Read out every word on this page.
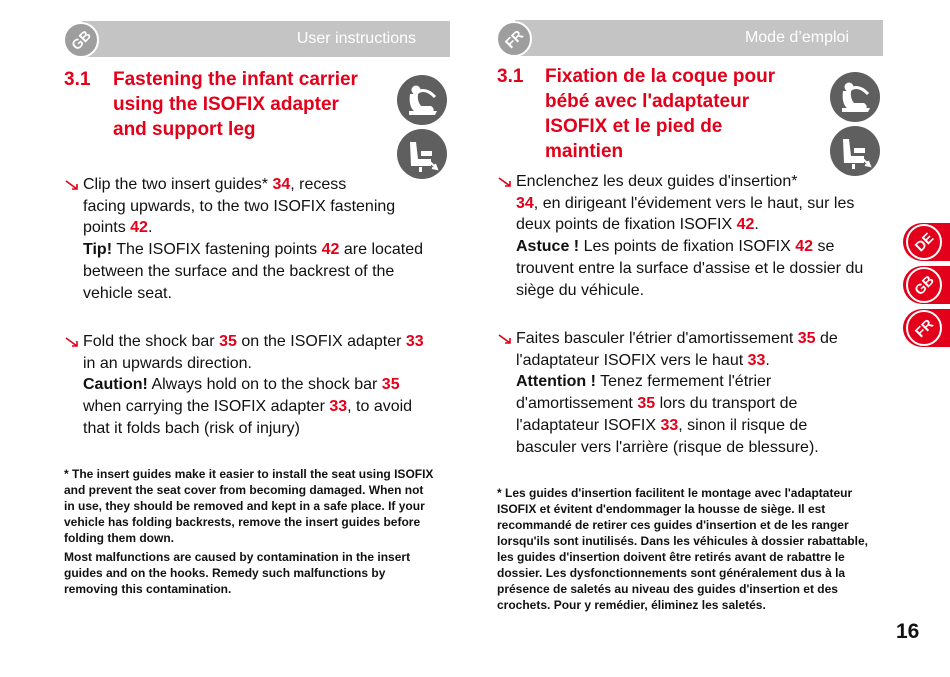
User instructions
GB
3.1 Fastening the infant carrier
using the ISOFIX adapter
and support leg
Clip the two insert guides* 34, recess
facing upwards, to the two ISOFIX fastening
points 42.
Tip! The ISOFIX fastening points 42 are located
between the surface and the backrest of the
vehicle seat.
Fold the shock bar 35 on the ISOFIX adapter 33
in an upwards direction.
Caution! Always hold on to the shock bar 35
when carrying the ISOFIX adapter 33, to avoid
that it folds bach (risk of injury)

* The insert guides make it easier to install the seat using ISOFIX and prevent the seat cover from becoming damaged. When not in use, they should be removed and kept in a safe place. If your vehicle has folding backrests, remove the insert guides before folding them down.

Most malfunctions are caused by contamination in the insert guides and on the hooks. Remedy such malfunctions by removing this contamination.

Mode d’emploi
FR
3.1 Fixation de la coque pour
bébé avec l'adaptateur
ISOFIX et le pied de
maintien
Enclenchez les deux guides d'insertion*
34, en dirigeant l'évidement vers le haut, sur les
deux points de fixation ISOFIX 42.
Astuce ! Les points de fixation ISOFIX 42 se
trouvent entre la surface d'assise et le dossier du
siège du véhicule.
Faites basculer l'étrier d'amortissement 35 de
l'adaptateur ISOFIX vers le haut 33.
Attention ! Tenez fermement l'étrier
d'amortissement 35 lors du transport de
l'adaptateur ISOFIX 33, sinon il risque de
basculer vers l'arrière (risque de blessure).

* Les guides d'insertion facilitent le montage avec l'adaptateur ISOFIX et évitent d'endommager la housse de siège. Il est recommandé de retirer ces guides d'insertion et de les ranger lorsqu'ils sont inutilisés. Dans les véhicules à dossier rabattable, les guides d'insertion doivent être retirés avant de rabattre le dossier. Les dysfonctionnements sont généralement dus à la présence de saletés au niveau des guides d'insertion et des crochets. Pour y remédier, éliminez les saletés.

DE
GB
FR
16
